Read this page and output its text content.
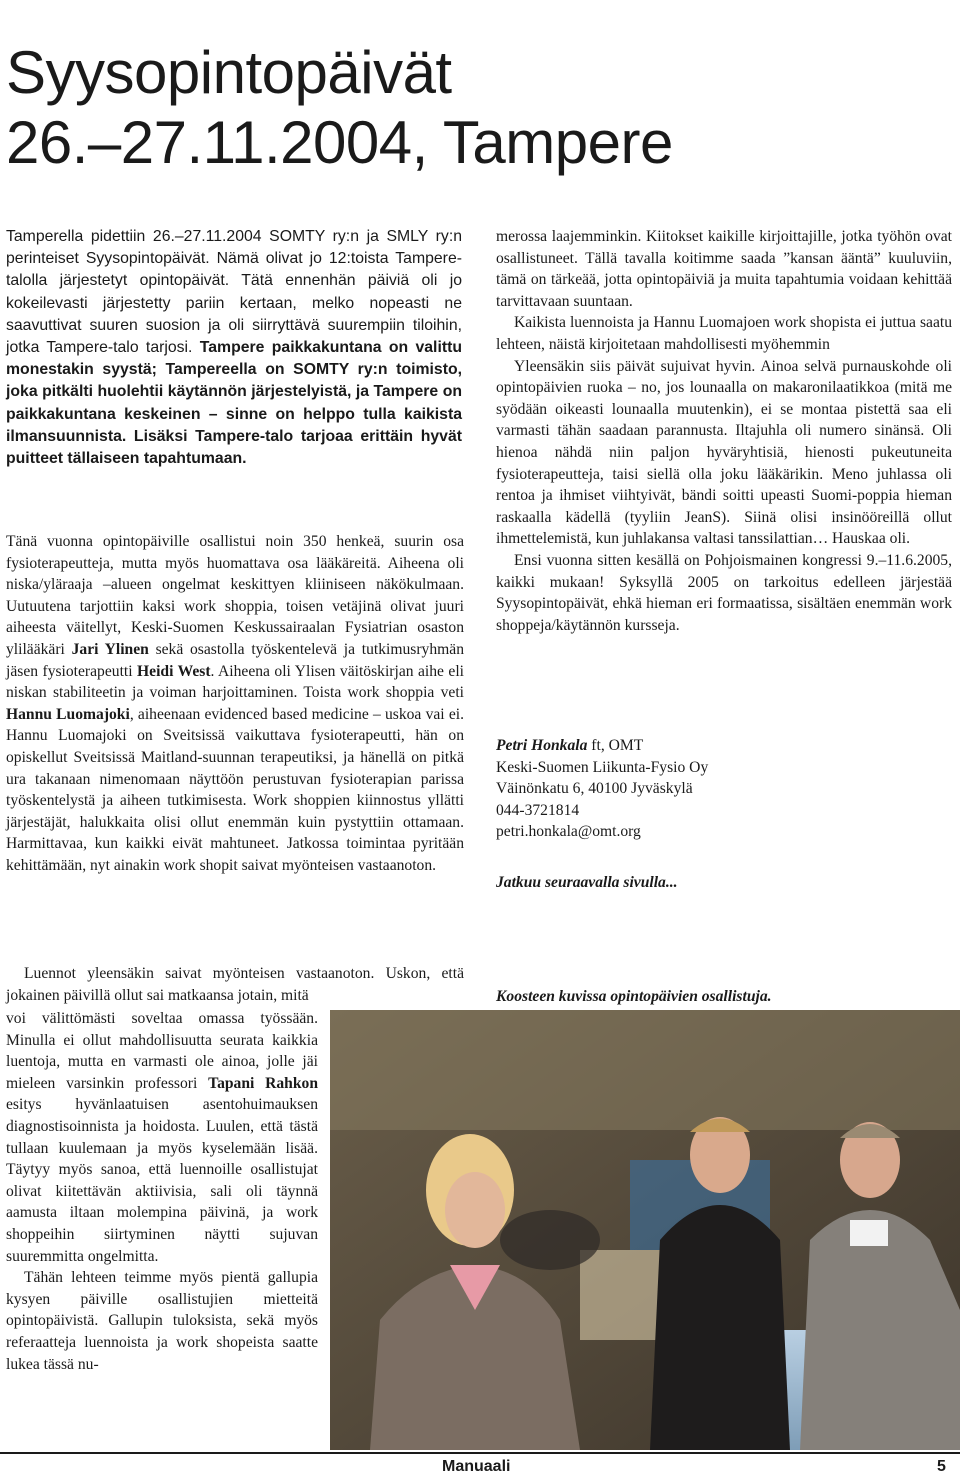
Syysopintopäivät
26.–27.11.2004, Tampere

Tamperella pidettiin 26.–27.11.2004 SOMTY ry:n ja SMLY ry:n perinteiset Syysopintopäivät. Nämä olivat jo 12:toista Tampere-talolla järjestetyt opintopäivät. Tätä ennenhän päiviä oli jo kokeilevasti järjestetty pariin kertaan, melko nopeasti ne saavuttivat suuren suosion ja oli siirryttävä suurempiin tiloihin, jotka Tampere-talo tarjosi. Tampere paikkakuntana on valittu monestakin syystä; Tampereella on SOMTY ry:n toimisto, joka pitkälti huolehtii käytännön järjestelyistä, ja Tampere on paikkakuntana keskeinen – sinne on helppo tulla kaikista ilmansuunnista. Lisäksi Tampere-talo tarjoaa erittäin hyvät puitteet tällaiseen tapahtumaan.

Tänä vuonna opintopäiville osallistui noin 350 henkeä, suurin osa fysioterapeutteja, mutta myös huomattava osa lääkäreitä. Aiheena oli niska/yläraaja –alueen ongelmat keskittyen kliiniseen näkökulmaan. Uutuutena tarjottiin kaksi work shoppia, toisen vetäjinä olivat juuri aiheesta väitellyt, Keski-Suomen Keskussairaalan Fysiatrian osaston ylilääkäri Jari Ylinen sekä osastolla työskentelevä ja tutkimusryhmän jäsen fysioterapeutti Heidi West. Aiheena oli Ylisen väitöskirjan aihe eli niskan stabiliteetin ja voiman harjoittaminen. Toista work shoppia veti Hannu Luomajoki, aiheenaan evidenced based medicine – uskoa vai ei. Hannu Luomajoki on Sveitsissä vaikuttava fysioterapeutti, hän on opiskellut Sveitsissä Maitland-suunnan terapeutiksi, ja hänellä on pitkä ura takanaan nimenomaan näyttöön perustuvan fysioterapian parissa työskentelystä ja aiheen tutkimisesta. Work shoppien kiinnostus yllätti järjestäjät, halukkaita olisi ollut enemmän kuin pystyttiin ottamaan. Harmittavaa, kun kaikki eivät mahtuneet. Jatkossa toimintaa pyritään kehittämään, nyt ainakin work shopit saivat myönteisen vastaanoton.

Luennot yleensäkin saivat myönteisen vastaanoton. Uskon, että jokainen päivillä ollut sai matkaansa jotain, mitä

voi välittömästi soveltaa omassa työssään. Minulla ei ollut mahdollisuutta seurata kaikkia luentoja, mutta en varmasti ole ainoa, jolle jäi mieleen varsinkin professori Tapani Rahkon esitys hyvänlaatuisen asentohuimauksen diagnostisoinnista ja hoidosta. Luulen, että tästä tullaan kuulemaan ja myös kyselemään lisää. Täytyy myös sanoa, että luennoille osallistujat olivat kiitettävän aktiivisia, sali oli täynnä aamusta iltaan molempina päivinä, ja work shoppeihin siirtyminen näytti sujuvan suuremmitta ongelmitta.

Tähän lehteen teimme myös pientä gallupia kysyen päiville osallistujien mietteitä opintopäivistä. Gallupin tuloksista, sekä myös referaatteja luennoista ja work shopeista saatte lukea tässä nu-

merossa laajemminkin. Kiitokset kaikille kirjoittajille, jotka työhön ovat osallistuneet. Tällä tavalla koitimme saada ”kansan ääntä” kuuluviin, tämä on tärkeää, jotta opintopäiviä ja muita tapahtumia voidaan kehittää tarvittavaan suuntaan.

Kaikista luennoista ja Hannu Luomajoen work shopista ei juttua saatu lehteen, näistä kirjoitetaan mahdollisesti myöhemmin

Yleensäkin siis päivät sujuivat hyvin. Ainoa selvä purnauskohde oli opintopäivien ruoka – no, jos lounaalla on makaronilaatikkoa (mitä me syödään oikeasti lounaalla muutenkin), ei se montaa pistettä saa eli varmasti tähän saadaan parannusta. Iltajuhla oli numero sinänsä. Oli hienoa nähdä niin paljon hyväryhtisiä, hienosti pukeutuneita fysioterapeutteja, taisi siellä olla joku lääkärikin. Meno juhlassa oli rentoa ja ihmiset viihtyivät, bändi soitti upeasti Suomi-poppia hieman raskaalla kädellä (tyyliin JeanS). Siinä olisi insinööreillä ollut ihmettelemistä, kun juhlakansa valtasi tanssilattian… Hauskaa oli.

Ensi vuonna sitten kesällä on Pohjoismainen kongressi 9.–11.6.2005, kaikki mukaan! Syksyllä 2005 on tarkoitus edelleen järjestää Syysopintopäivät, ehkä hieman eri formaatissa, sisältäen enemmän work shoppeja/käytännön kursseja.

Petri Honkala ft, OMT
Keski-Suomen Liikunta-Fysio Oy
Väinönkatu 6, 40100 Jyväskylä
044-3721814
petri.honkala@omt.org
Jatkuu seuraavalla sivulla...
Koosteen kuvissa opintopäivien osallistuja.
Manuaali	5
